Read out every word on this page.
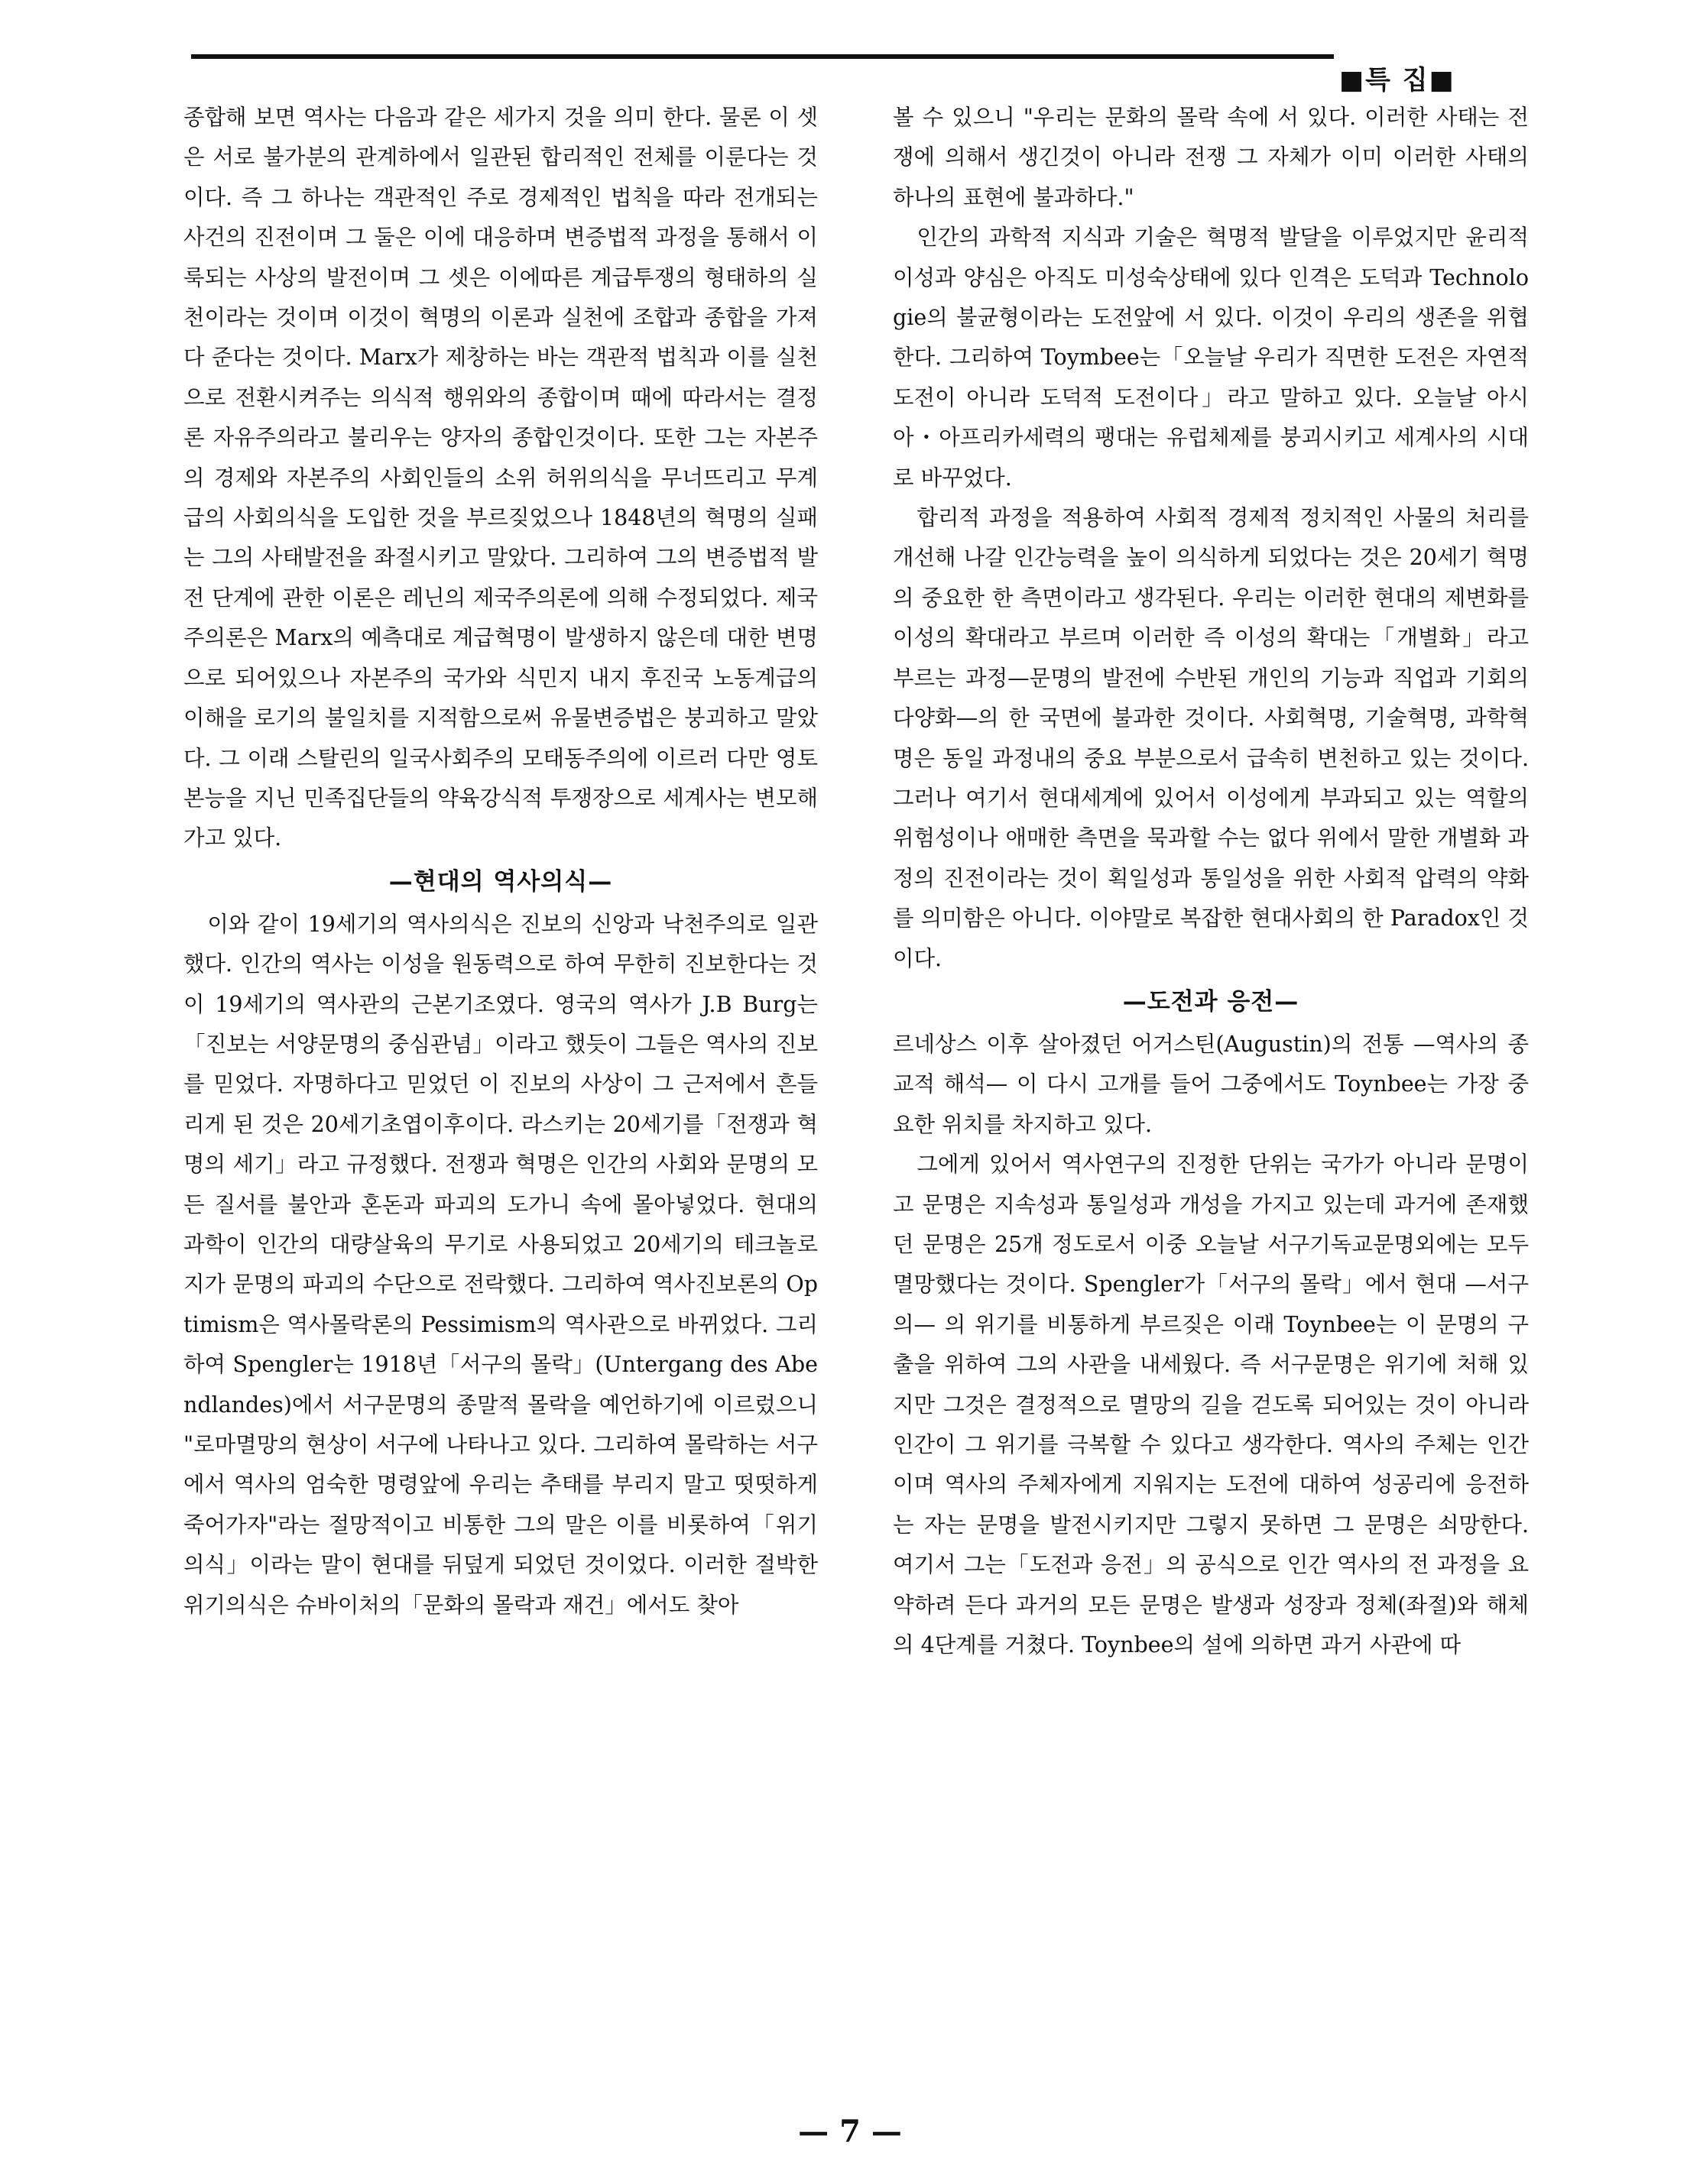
■특 집■

종합해 보면 역사는 다음과 같은 세가지 것을 의미 한다. 물론 이 셋은 서로 불가분의 관계하에서 일관된 합리적인 전체를 이룬다는 것이다. 즉 그 하나는 객관적인 주로 경제적인 법칙을 따라 전개되는 사건의 진전이며 그 둘은 이에 대응하며 변증법적 과정을 통해서 이룩되는 사상의 발전이며 그 셋은 이에따른 계급투쟁의 형태하의 실천이라는 것이며 이것이 혁명의 이론과 실천에 조합과 종합을 가져다 준다는 것이다. Marx가 제창하는 바는 객관적 법칙과 이를 실천으로 전환시켜주는 의식적 행위와의 종합이며 때에 따라서는 결정론 자유주의라고 불리우는 양자의 종합인것이다. 또한 그는 자본주의 경제와 자본주의 사회인들의 소위 허위의식을 무너뜨리고 무계급의 사회의식을 도입한 것을 부르짖었으나 1848년의 혁명의 실패는 그의 사태발전을 좌절시키고 말았다. 그리하여 그의 변증법적 발전 단계에 관한 이론은 레닌의 제국주의론에 의해 수정되었다. 제국주의론은 Marx의 예측대로 계급혁명이 발생하지 않은데 대한 변명으로 되어있으나 자본주의 국가와 식민지 내지 후진국 노동계급의 이해을 로기의 불일치를 지적함으로써 유물변증법은 붕괴하고 말았다. 그 이래 스탈린의 일국사회주의 모태동주의에 이르러 다만 영토본능을 지닌 민족집단들의 약육강식적 투쟁장으로 세계사는 변모해 가고 있다.

—현대의 역사의식—

이와 같이 19세기의 역사의식은 진보의 신앙과 낙천주의로 일관했다. 인간의 역사는 이성을 원동력으로 하여 무한히 진보한다는 것이 19세기의 역사관의 근본기조였다. 영국의 역사가 J.B Burg는「진보는 서양문명의 중심관념」이라고 했듯이 그들은 역사의 진보를 믿었다. 자명하다고 믿었던 이 진보의 사상이 그 근저에서 흔들리게 된 것은 20세기초엽이후이다. 라스키는 20세기를「전쟁과 혁명의 세기」라고 규정했다. 전쟁과 혁명은 인간의 사회와 문명의 모든 질서를 불안과 혼돈과 파괴의 도가니 속에 몰아넣었다. 현대의 과학이 인간의 대량살육의 무기로 사용되었고 20세기의 테크놀로지가 문명의 파괴의 수단으로 전락했다. 그리하여 역사진보론의 Optimism은 역사몰락론의 Pessimism의 역사관으로 바뀌었다. 그리하여 Spengler는 1918년「서구의 몰락」(Untergang des Abendlandes)에서 서구문명의 종말적 몰락을 예언하기에 이르렀으니 "로마멸망의 현상이 서구에 나타나고 있다. 그리하여 몰락하는 서구에서 역사의 엄숙한 명령앞에 우리는 추태를 부리지 말고 떳떳하게 죽어가자"라는 절망적이고 비통한 그의 말은 이를 비롯하여「위기의식」이라는 말이 현대를 뒤덮게 되었던 것이었다. 이러한 절박한 위기의식은 슈바이처의「문화의 몰락과 재건」에서도 찾아

볼 수 있으니 "우리는 문화의 몰락 속에 서 있다. 이러한 사태는 전쟁에 의해서 생긴것이 아니라 전쟁 그 자체가 이미 이러한 사태의 하나의 표현에 불과하다."

인간의 과학적 지식과 기술은 혁명적 발달을 이루었지만 윤리적 이성과 양심은 아직도 미성숙상태에 있다 인격은 도덕과 Technologie의 불균형이라는 도전앞에 서 있다. 이것이 우리의 생존을 위협한다. 그리하여 Toymbee는「오늘날 우리가 직면한 도전은 자연적 도전이 아니라 도덕적 도전이다」라고 말하고 있다. 오늘날 아시아・아프리카세력의 팽대는 유럽체제를 붕괴시키고 세계사의 시대로 바꾸었다.

합리적 과정을 적용하여 사회적 경제적 정치적인 사물의 처리를 개선해 나갈 인간능력을 높이 의식하게 되었다는 것은 20세기 혁명의 중요한 한 측면이라고 생각된다. 우리는 이러한 현대의 제변화를 이성의 확대라고 부르며 이러한 즉 이성의 확대는「개별화」라고 부르는 과정—문명의 발전에 수반된 개인의 기능과 직업과 기회의 다양화—의 한 국면에 불과한 것이다. 사회혁명, 기술혁명, 과학혁명은 동일 과정내의 중요 부분으로서 급속히 변천하고 있는 것이다. 그러나 여기서 현대세계에 있어서 이성에게 부과되고 있는 역할의 위험성이나 애매한 측면을 묵과할 수는 없다 위에서 말한 개별화 과정의 진전이라는 것이 획일성과 통일성을 위한 사회적 압력의 약화를 의미함은 아니다. 이야말로 복잡한 현대사회의 한 Paradox인 것이다.

—도전과 응전—

르네상스 이후 살아졌던 어거스틴(Augustin)의 전통 —역사의 종교적 해석— 이 다시 고개를 들어 그중에서도 Toynbee는 가장 중요한 위치를 차지하고 있다.

그에게 있어서 역사연구의 진정한 단위는 국가가 아니라 문명이고 문명은 지속성과 통일성과 개성을 가지고 있는데 과거에 존재했던 문명은 25개 정도로서 이중 오늘날 서구기독교문명외에는 모두 멸망했다는 것이다. Spengler가「서구의 몰락」에서 현대 —서구의— 의 위기를 비통하게 부르짖은 이래 Toynbee는 이 문명의 구출을 위하여 그의 사관을 내세웠다. 즉 서구문명은 위기에 처해 있지만 그것은 결정적으로 멸망의 길을 걷도록 되어있는 것이 아니라 인간이 그 위기를 극복할 수 있다고 생각한다. 역사의 주체는 인간이며 역사의 주체자에게 지워지는 도전에 대하여 성공리에 응전하는 자는 문명을 발전시키지만 그렇지 못하면 그 문명은 쇠망한다. 여기서 그는「도전과 응전」의 공식으로 인간 역사의 전 과정을 요약하려 든다 과거의 모든 문명은 발생과 성장과 정체(좌절)와 해체의 4단계를 거쳤다. Toynbee의 설에 의하면 과거 사관에 따

— 7 —
